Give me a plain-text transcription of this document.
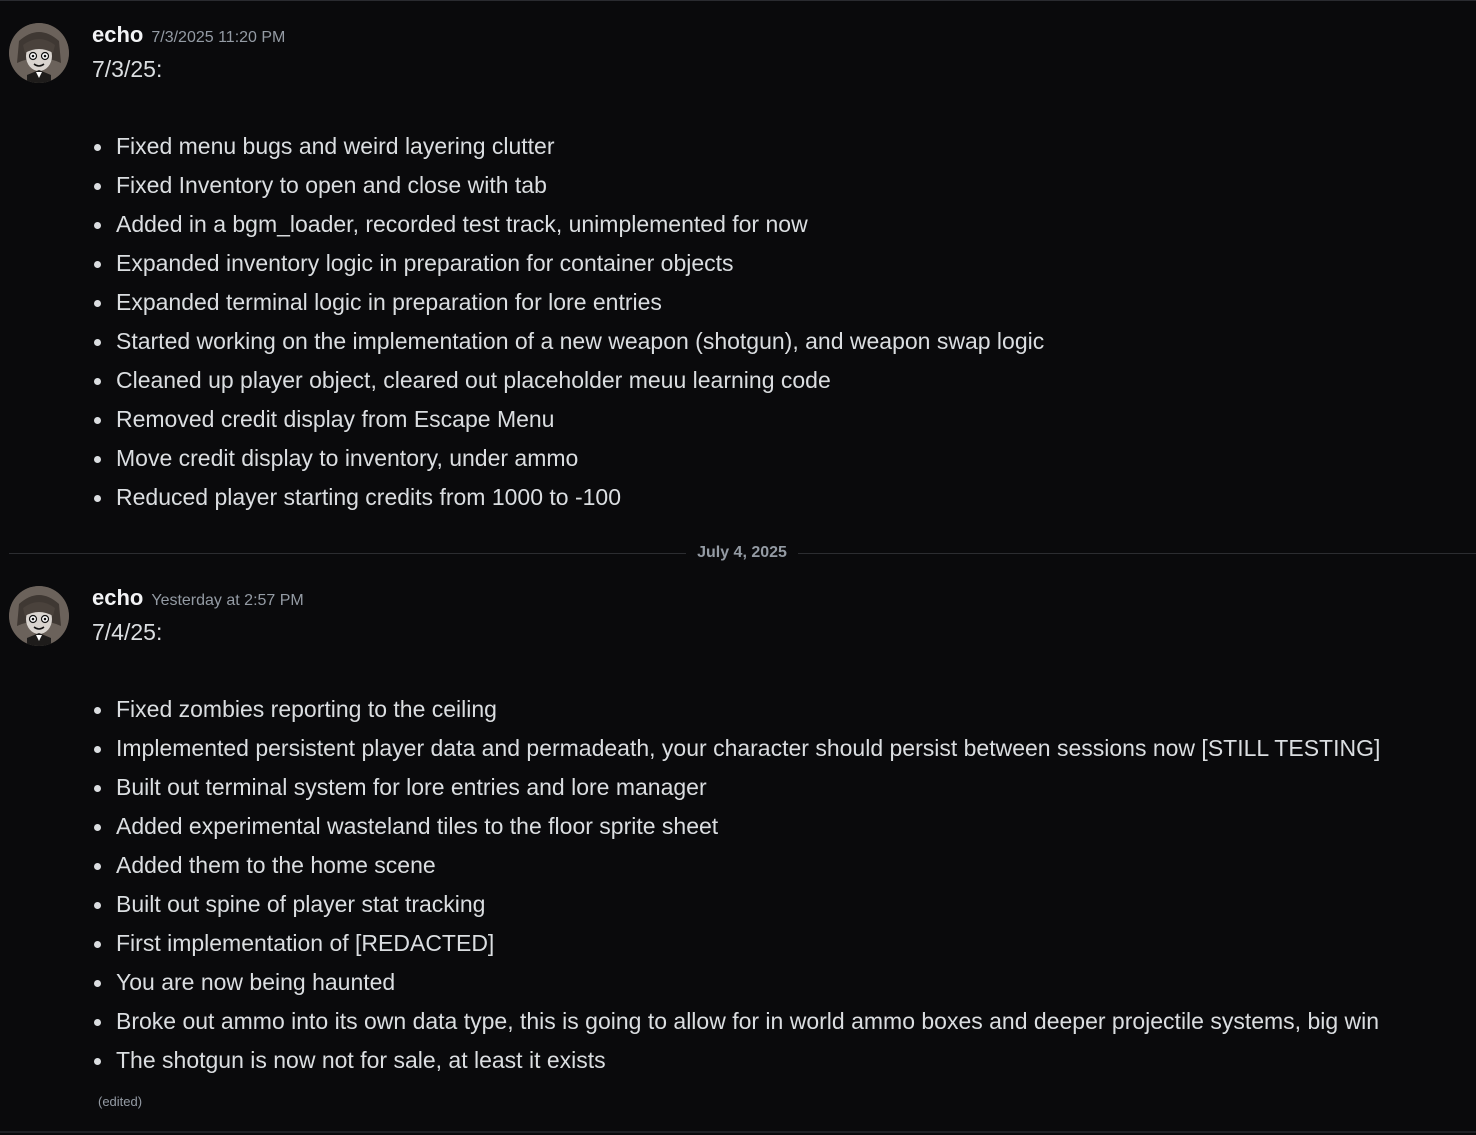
echo 7/3/2025 11:20 PM
7/3/25:
Fixed menu bugs and weird layering clutter
Fixed Inventory to open and close with tab
Added in a bgm_loader, recorded test track, unimplemented for now
Expanded inventory logic in preparation for container objects
Expanded terminal logic in preparation for lore entries
Started working on the implementation of a new weapon (shotgun), and weapon swap logic
Cleaned up player object, cleared out placeholder meuu learning code
Removed credit display from Escape Menu
Move credit display to inventory, under ammo
Reduced player starting credits from 1000 to -100
July 4, 2025
echo Yesterday at 2:57 PM
7/4/25:
Fixed zombies reporting to the ceiling
Implemented persistent player data and permadeath, your character should persist between sessions now [STILL TESTING]
Built out terminal system for lore entries and lore manager
Added experimental wasteland tiles to the floor sprite sheet
Added them to the home scene
Built out spine of player stat tracking
First implementation of [REDACTED]
You are now being haunted
Broke out ammo into its own data type, this is going to allow for in world ammo boxes and deeper projectile systems, big win
The shotgun is now not for sale, at least it exists
(edited)
